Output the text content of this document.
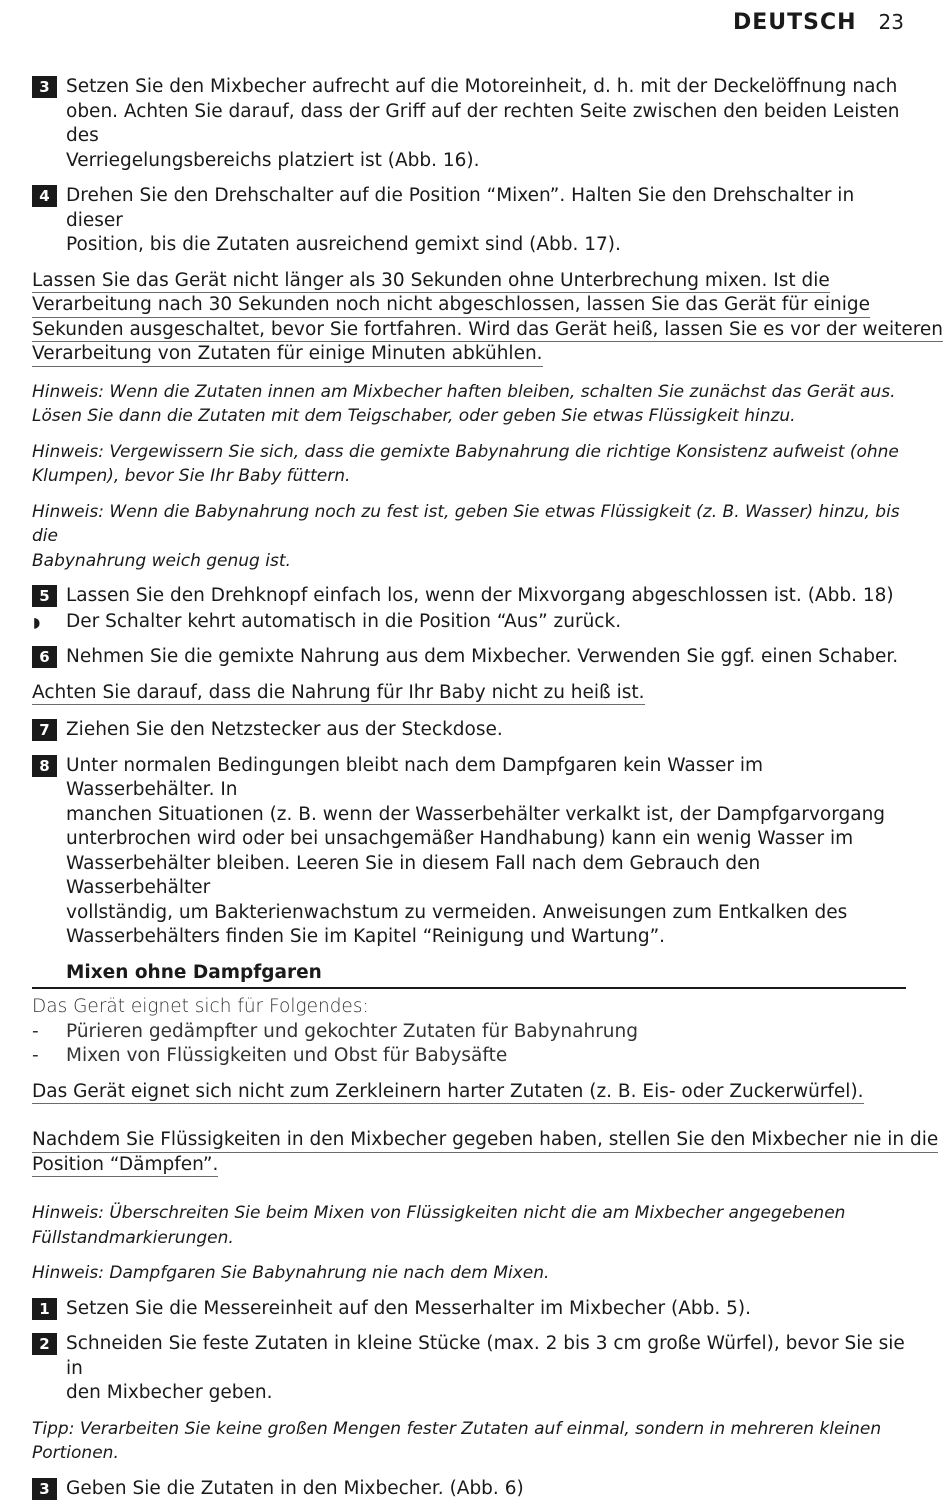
DEUTSCH 23
3 Setzen Sie den Mixbecher aufrecht auf die Motoreinheit, d. h. mit der Deckelöffnung nach
oben. Achten Sie darauf, dass der Griff auf der rechten Seite zwischen den beiden Leisten des
Verriegelungsbereichs platziert ist (Abb. 16).
4 Drehen Sie den Drehschalter auf die Position “Mixen”. Halten Sie den Drehschalter in dieser
Position, bis die Zutaten ausreichend gemixt sind (Abb. 17).
Lassen Sie das Gerät nicht länger als 30 Sekunden ohne Unterbrechung mixen. Ist die
Verarbeitung nach 30 Sekunden noch nicht abgeschlossen, lassen Sie das Gerät für einige
Sekunden ausgeschaltet, bevor Sie fortfahren. Wird das Gerät heiß, lassen Sie es vor der weiteren
Verarbeitung von Zutaten für einige Minuten abkühlen.
Hinweis: Wenn die Zutaten innen am Mixbecher haften bleiben, schalten Sie zunächst das Gerät aus.
Lösen Sie dann die Zutaten mit dem Teigschaber, oder geben Sie etwas Flüssigkeit hinzu.
Hinweis: Vergewissern Sie sich, dass die gemixte Babynahrung die richtige Konsistenz aufweist (ohne
Klumpen), bevor Sie Ihr Baby füttern.
Hinweis: Wenn die Babynahrung noch zu fest ist, geben Sie etwas Flüssigkeit (z. B. Wasser) hinzu, bis die
Babynahrung weich genug ist.
5 Lassen Sie den Drehknopf einfach los, wenn der Mixvorgang abgeschlossen ist. (Abb. 18)
◗ Der Schalter kehrt automatisch in die Position “Aus” zurück.
6 Nehmen Sie die gemixte Nahrung aus dem Mixbecher. Verwenden Sie ggf. einen Schaber.
Achten Sie darauf, dass die Nahrung für Ihr Baby nicht zu heiß ist.
7 Ziehen Sie den Netzstecker aus der Steckdose.
8 Unter normalen Bedingungen bleibt nach dem Dampfgaren kein Wasser im Wasserbehälter. In
manchen Situationen (z. B. wenn der Wasserbehälter verkalkt ist, der Dampfgarvorgang
unterbrochen wird oder bei unsachgemäßer Handhabung) kann ein wenig Wasser im
Wasserbehälter bleiben. Leeren Sie in diesem Fall nach dem Gebrauch den Wasserbehälter
vollständig, um Bakterienwachstum zu vermeiden. Anweisungen zum Entkalken des
Wasserbehälters finden Sie im Kapitel “Reinigung und Wartung”.
Mixen ohne Dampfgaren
Das Gerät eignet sich für Folgendes:
- Pürieren gedämpfter und gekochter Zutaten für Babynahrung
- Mixen von Flüssigkeiten und Obst für Babysäfte
Das Gerät eignet sich nicht zum Zerkleinern harter Zutaten (z. B. Eis- oder Zuckerwürfel).
Nachdem Sie Flüssigkeiten in den Mixbecher gegeben haben, stellen Sie den Mixbecher nie in die
Position “Dämpfen”.
Hinweis: Überschreiten Sie beim Mixen von Flüssigkeiten nicht die am Mixbecher angegebenen
Füllstandmarkierungen.
Hinweis: Dampfgaren Sie Babynahrung nie nach dem Mixen.
1 Setzen Sie die Messereinheit auf den Messerhalter im Mixbecher (Abb. 5).
2 Schneiden Sie feste Zutaten in kleine Stücke (max. 2 bis 3 cm große Würfel), bevor Sie sie in
den Mixbecher geben.
Tipp: Verarbeiten Sie keine großen Mengen fester Zutaten auf einmal, sondern in mehreren kleinen
Portionen.
3 Geben Sie die Zutaten in den Mixbecher. (Abb. 6)
